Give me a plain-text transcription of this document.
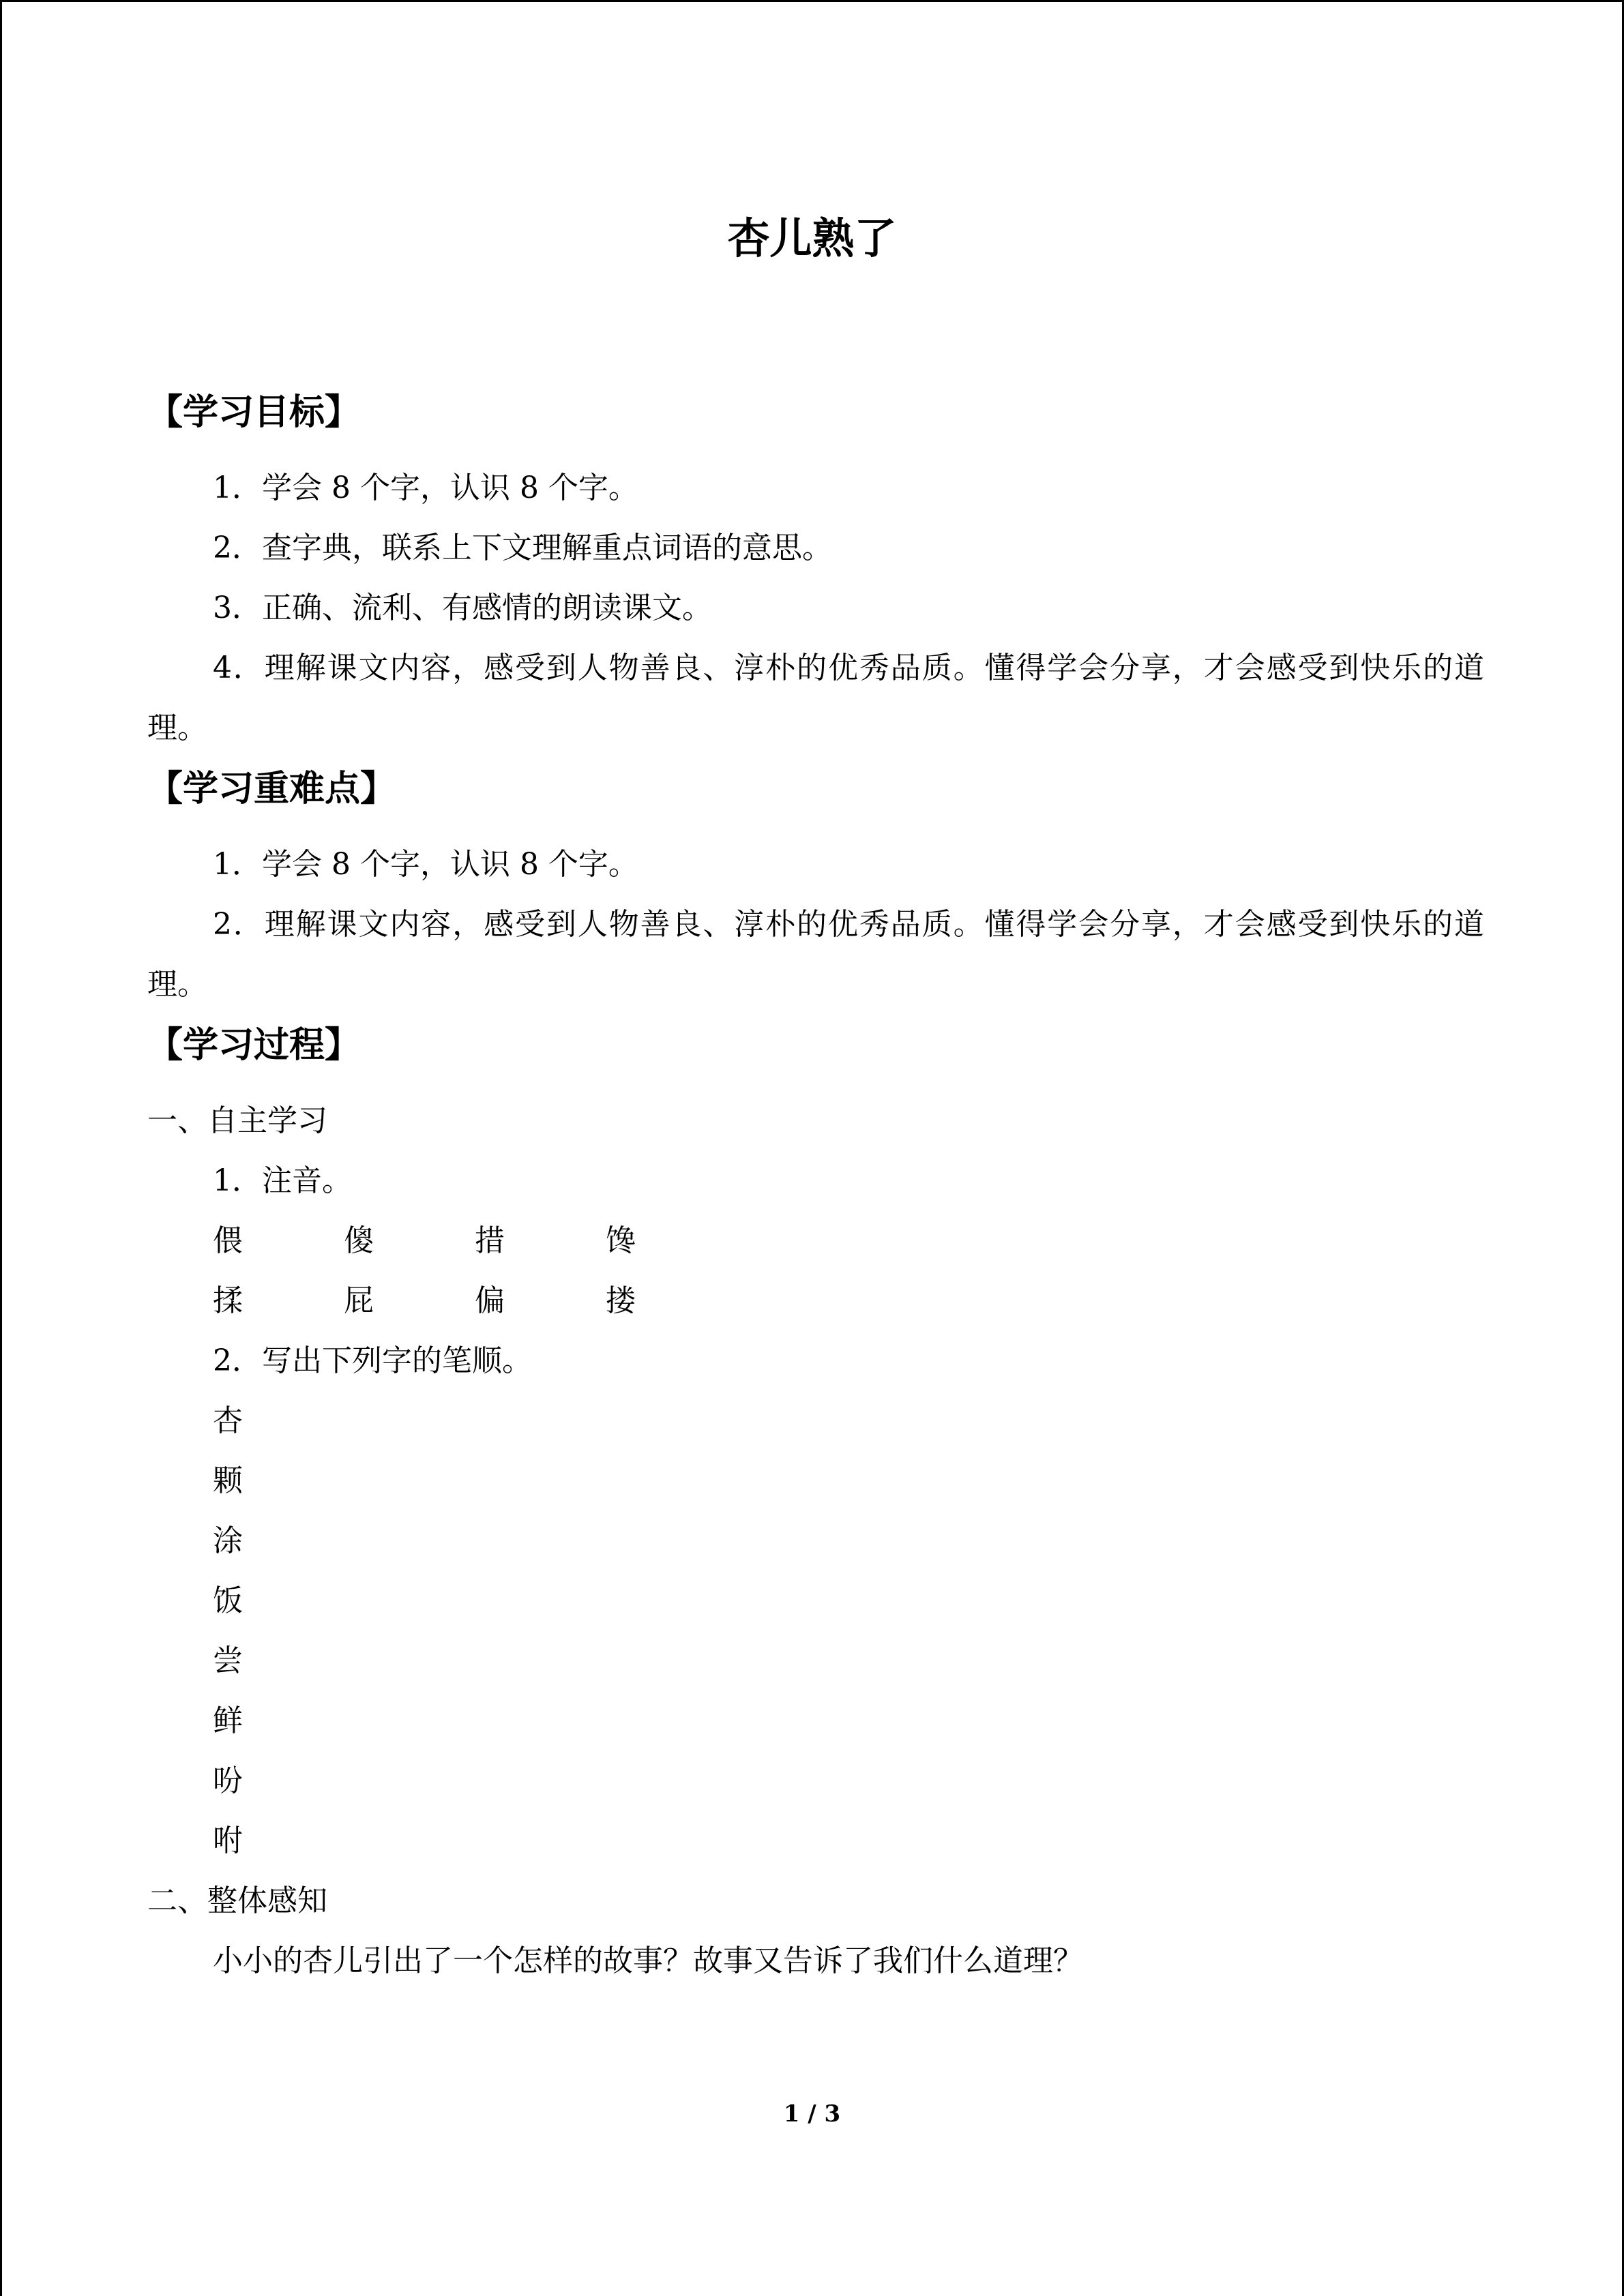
杏儿熟了
【学习目标】

1．学会 8 个字，认识 8 个字。

2．查字典，联系上下文理解重点词语的意思。

3．正确、流利、有感情的朗读课文。

4．理解课文内容，感受到人物善良、淳朴的优秀品质。懂得学会分享，才会感受到快乐的道理。

【学习重难点】

1．学会 8 个字，认识 8 个字。

2．理解课文内容，感受到人物善良、淳朴的优秀品质。懂得学会分享，才会感受到快乐的道理。

【学习过程】

一、自主学习

1．注音。

偎	傻	措	馋
揉	屁	偏	搂

2．写出下列字的笔顺。

杏

颗

涂

饭

尝

鲜

吩

咐

二、整体感知

小小的杏儿引出了一个怎样的故事？故事又告诉了我们什么道理？

1 / 3
